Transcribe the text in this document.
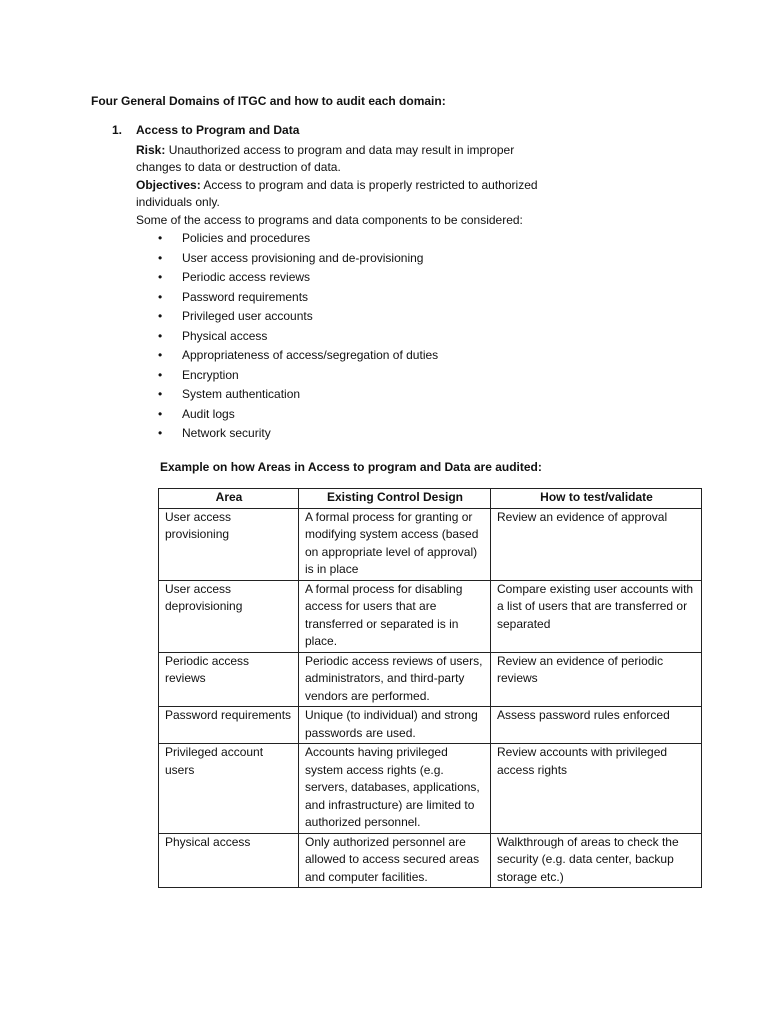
Four General Domains of ITGC and how to audit each domain:
1.	Access to Program and Data

Risk: Unauthorized access to program and data may result in improper changes to data or destruction of data.

Objectives: Access to program and data is properly restricted to authorized individuals only.

Some of the access to programs and data components to be considered:

•	Policies and procedures
•	User access provisioning and de-provisioning
•	Periodic access reviews
•	Password requirements
•	Privileged user accounts
•	Physical access
•	Appropriateness of access/segregation of duties
•	Encryption
•	System authentication
•	Audit logs
•	Network security
Example on how Areas in Access to program and Data are audited:
Area	Existing Control Design	How to test/validate
User access provisioning	A formal process for granting or modifying system access (based on appropriate level of approval) is in place	Review an evidence of approval
User access deprovisioning	A formal process for disabling access for users that are transferred or separated is in place.	Compare existing user accounts with a list of users that are transferred or separated
Periodic access reviews	Periodic access reviews of users, administrators, and third-party vendors are performed.	Review an evidence of periodic reviews
Password requirements	Unique (to individual) and strong passwords are used.	Assess password rules enforced
Privileged account users	Accounts having privileged system access rights (e.g. servers, databases, applications, and infrastructure) are limited to authorized personnel.	Review accounts with privileged access rights
Physical access	Only authorized personnel are allowed to access secured areas and computer facilities.	Walkthrough of areas to check the security (e.g. data center, backup storage etc.)
